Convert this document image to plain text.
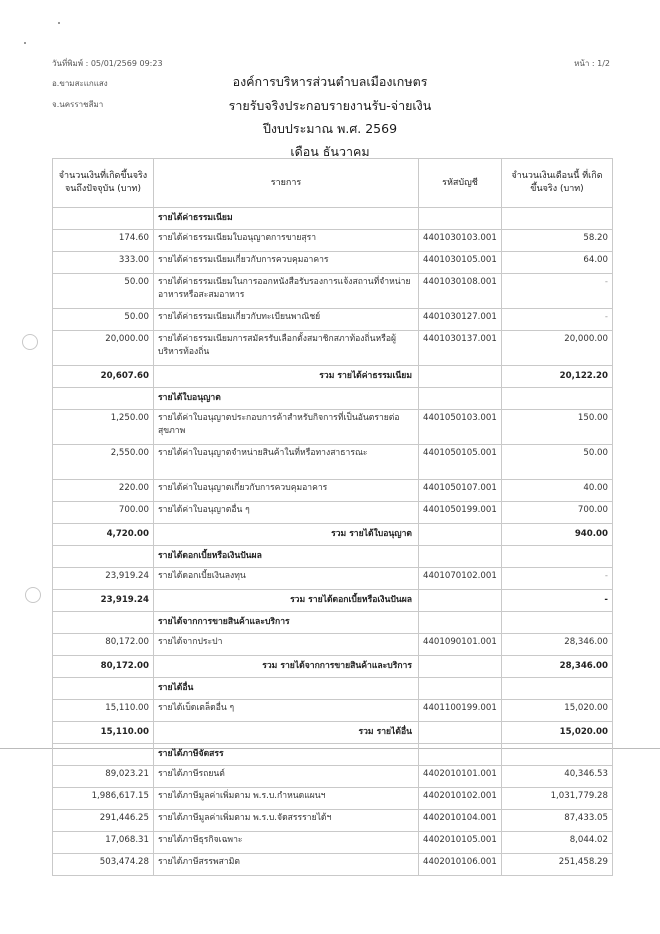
วันที่พิมพ์ : 05/01/2569 09:23
อ.ขามสะแกแสง
จ.นครราชสีมา
หน้า : 1/2
องค์การบริหารส่วนตำบลเมืองเกษตร
รายรับจริงประกอบรายงานรับ-จ่ายเงิน
ปีงบประมาณ พ.ศ. 2569
เดือน ธันวาคม
จำนวนเงินที่เกิดขึ้นจริง จนถึงปัจจุบัน (บาท)	รายการ	รหัสบัญชี	จำนวนเงินเดือนนี้ ที่เกิดขึ้นจริง (บาท)
	รายได้ค่าธรรมเนียม		
174.60	รายได้ค่าธรรมเนียมใบอนุญาตการขายสุรา	4401030103.001	58.20
333.00	รายได้ค่าธรรมเนียมเกี่ยวกับการควบคุมอาคาร	4401030105.001	64.00
50.00	รายได้ค่าธรรมเนียมในการออกหนังสือรับรองการแจ้งสถานที่จำหน่ายอาหารหรือสะสมอาหาร	4401030108.001	-
50.00	รายได้ค่าธรรมเนียมเกี่ยวกับทะเบียนพาณิชย์	4401030127.001	-
20,000.00	รายได้ค่าธรรมเนียมการสมัครรับเลือกตั้งสมาชิกสภาท้องถิ่นหรือผู้บริหารท้องถิ่น	4401030137.001	20,000.00
20,607.60	รวม รายได้ค่าธรรมเนียม		20,122.20
	รายได้ใบอนุญาต		
1,250.00	รายได้ค่าใบอนุญาตประกอบการค้าสำหรับกิจการที่เป็นอันตรายต่อสุขภาพ	4401050103.001	150.00
2,550.00	รายได้ค่าใบอนุญาตจำหน่ายสินค้าในที่หรือทางสาธารณะ	4401050105.001	50.00
220.00	รายได้ค่าใบอนุญาตเกี่ยวกับการควบคุมอาคาร	4401050107.001	40.00
700.00	รายได้ค่าใบอนุญาตอื่น ๆ	4401050199.001	700.00
4,720.00	รวม รายได้ใบอนุญาต		940.00
	รายได้ดอกเบี้ยหรือเงินปันผล		
23,919.24	รายได้ดอกเบี้ยเงินลงทุน	4401070102.001	-
23,919.24	รวม รายได้ดอกเบี้ยหรือเงินปันผล		-
	รายได้จากการขายสินค้าและบริการ		
80,172.00	รายได้จากประปา	4401090101.001	28,346.00
80,172.00	รวม รายได้จากการขายสินค้าและบริการ		28,346.00
	รายได้อื่น		
15,110.00	รายได้เบ็ดเตล็ดอื่น ๆ	4401100199.001	15,020.00
15,110.00	รวม รายได้อื่น		15,020.00
	รายได้ภาษีจัดสรร		
89,023.21	รายได้ภาษีรถยนต์	4402010101.001	40,346.53
1,986,617.15	รายได้ภาษีมูลค่าเพิ่มตาม พ.ร.บ.กำหนดแผนฯ	4402010102.001	1,031,779.28
291,446.25	รายได้ภาษีมูลค่าเพิ่มตาม พ.ร.บ.จัดสรรรายได้ฯ	4402010104.001	87,433.05
17,068.31	รายได้ภาษีธุรกิจเฉพาะ	4402010105.001	8,044.02
503,474.28	รายได้ภาษีสรรพสามิต	4402010106.001	251,458.29
